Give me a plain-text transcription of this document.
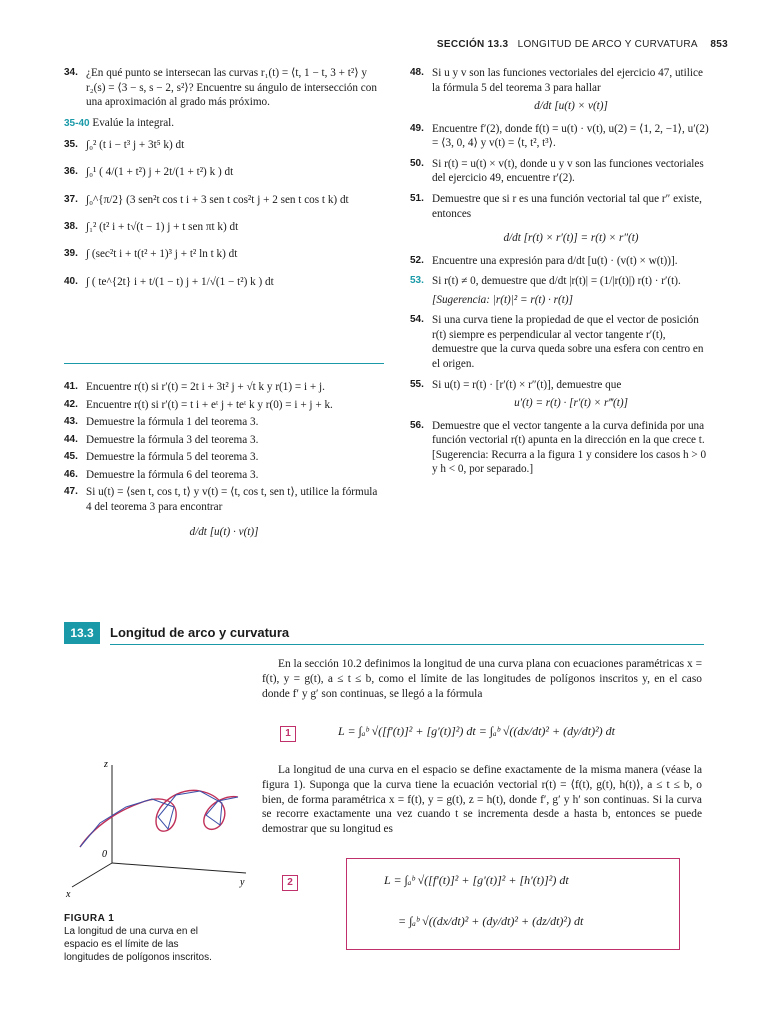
SECCIÓN 13.3 LONGITUD DE ARCO Y CURVATURA 853
34. ¿En qué punto se intersecan las curvas r₁(t) = ⟨t, 1 − t, 3 + t²⟩ y r₂(s) = ⟨3 − s, s − 2, s²⟩? Encuentre su ángulo de intersección con una aproximación al grado más próximo.

35-40 Evalúe la integral.

35. ∫₀² (t i − t³ j + 3t⁵ k) dt
36. ∫₀¹ ( 4/(1 + t²) j + 2t/(1 + t²) k ) dt
37. ∫₀^{π/2} (3 sen²t cos t i + 3 sen t cos²t j + 2 sen t cos t k) dt
38. ∫₁² (t² i + t√(t − 1) j + t sen πt k) dt
39. ∫ (sec²t i + t(t² + 1)³ j + t² ln t k) dt
40. ∫ ( te^{2t} i + t/(1 − t) j + 1/√(1 − t²) k ) dt
41. Encuentre r(t) si r′(t) = 2t i + 3t² j + √t k y r(1) = i + j.
42. Encuentre r(t) si r′(t) = t i + eᵗ j + teᵗ k y r(0) = i + j + k.
43. Demuestre la fórmula 1 del teorema 3.
44. Demuestre la fórmula 3 del teorema 3.
45. Demuestre la fórmula 5 del teorema 3.
46. Demuestre la fórmula 6 del teorema 3.
47. Si u(t) = ⟨sen t, cos t, t⟩ y v(t) = ⟨t, cos t, sen t⟩, utilice la fórmula 4 del teorema 3 para encontrar
d/dt [u(t) · v(t)]
48. Si u y v son las funciones vectoriales del ejercicio 47, utilice la fórmula 5 del teorema 3 para hallar
d/dt [u(t) × v(t)]
49. Encuentre f′(2), donde f(t) = u(t) · v(t), u(2) = ⟨1, 2, −1⟩, u′(2) = ⟨3, 0, 4⟩ y v(t) = ⟨t, t², t³⟩.
50. Si r(t) = u(t) × v(t), donde u y v son las funciones vectoriales del ejercicio 49, encuentre r′(2).
51. Demuestre que si r es una función vectorial tal que r″ existe, entonces
d/dt [r(t) × r′(t)] = r(t) × r″(t)
52. Encuentre una expresión para d/dt [u(t) · (v(t) × w(t))].
53. Si r(t) ≠ 0, demuestre que d/dt |r(t)| = (1/|r(t)|) r(t) · r′(t).
[Sugerencia: |r(t)|² = r(t) · r(t)]
54. Si una curva tiene la propiedad de que el vector de posición r(t) siempre es perpendicular al vector tangente r′(t), demuestre que la curva queda sobre una esfera con centro en el origen.
55. Si u(t) = r(t) · [r′(t) × r″(t)], demuestre que
u′(t) = r(t) · [r′(t) × r‴(t)]
56. Demuestre que el vector tangente a la curva definida por una función vectorial r(t) apunta en la dirección en la que crece t. [Sugerencia: Recurra a la figura 1 y considere los casos h > 0 y h < 0, por separado.]
13.3	Longitud de arco y curvatura

En la sección 10.2 definimos la longitud de una curva plana con ecuaciones paramétricas x = f(t), y = g(t), a ≤ t ≤ b, como el límite de las longitudes de polígonos inscritos y, en el caso donde f′ y g′ son continuas, se llegó a la fórmula

1	L = ∫ₐᵇ √([f′(t)]² + [g′(t)]²) dt = ∫ₐᵇ √((dx/dt)² + (dy/dt)²) dt

La longitud de una curva en el espacio se define exactamente de la misma manera (véase la figura 1). Suponga que la curva tiene la ecuación vectorial r(t) = ⟨f(t), g(t), h(t)⟩, a ≤ t ≤ b, o bien, de forma paramétrica x = f(t), y = g(t), z = h(t), donde f′, g′ y h′ son continuas. Si la curva se recorre exactamente una vez cuando t se incrementa desde a hasta b, entonces se puede demostrar que su longitud es

2	L = ∫ₐᵇ √([f′(t)]² + [g′(t)]² + [h′(t)]²) dt
= ∫ₐᵇ √((dx/dt)² + (dy/dt)² + (dz/dt)²) dt
z
y
x
0
FIGURA 1
La longitud de una curva en el espacio es el límite de las longitudes de polígonos inscritos.
